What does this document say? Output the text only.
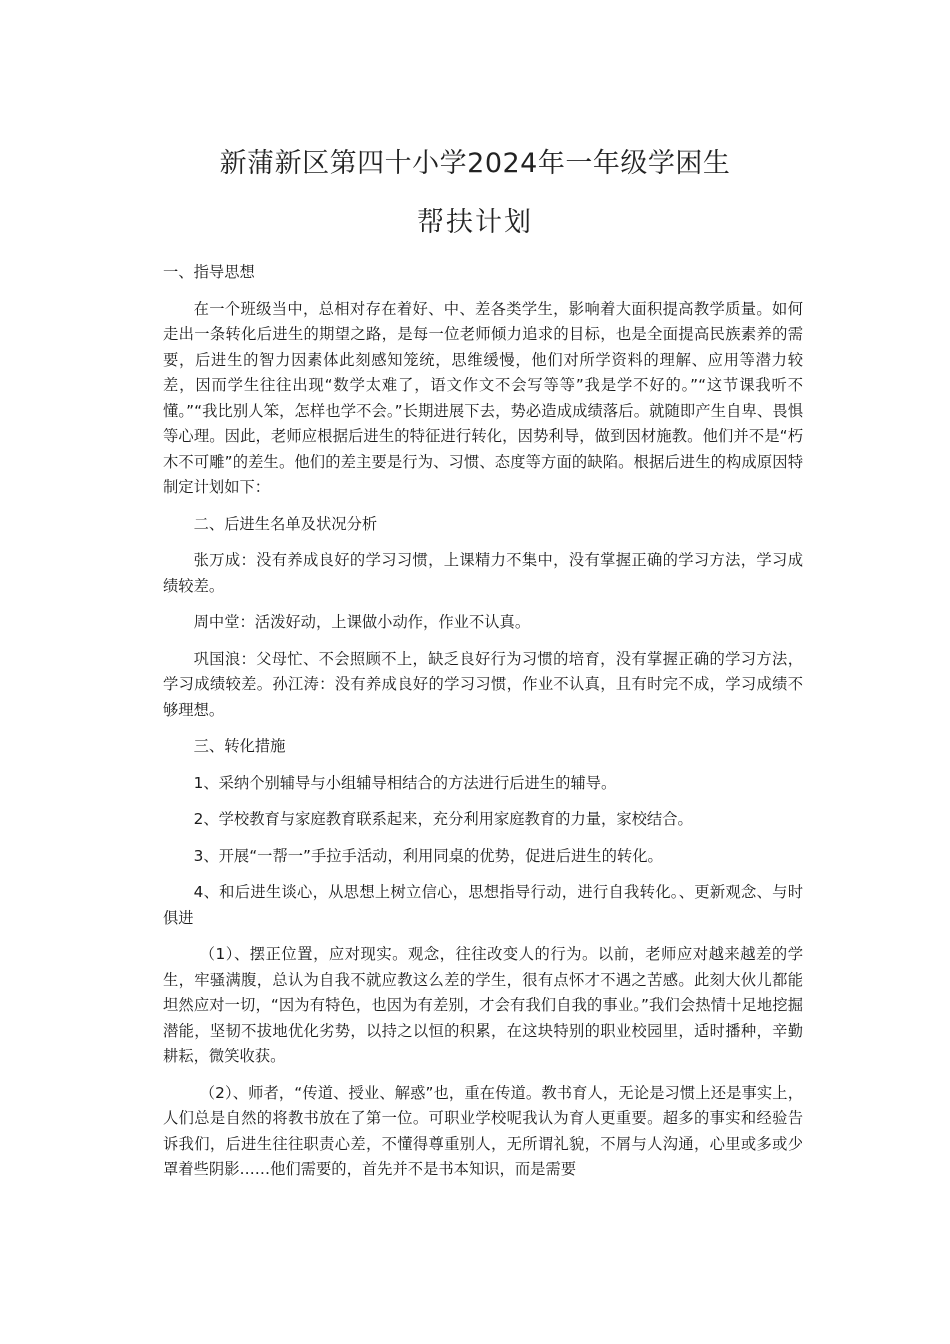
新蒲新区第四十小学2024年一年级学困生
帮扶计划

一、指导思想

在一个班级当中，总相对存在着好、中、差各类学生，影响着大面积提高教学质量。如何走出一条转化后进生的期望之路，是每一位老师倾力追求的目标，也是全面提高民族素养的需要，后进生的智力因素体此刻感知笼统，思维缓慢，他们对所学资料的理解、应用等潜力较差，因而学生往往出现“数学太难了，语文作文不会写等等”我是学不好的。”“这节课我听不懂。”“我比别人笨，怎样也学不会。”长期进展下去，势必造成成绩落后。就随即产生自卑、畏惧等心理。因此，老师应根据后进生的特征进行转化，因势利导，做到因材施教。他们并不是“朽木不可雕”的差生。他们的差主要是行为、习惯、态度等方面的缺陷。根据后进生的构成原因特制定计划如下：

二、后进生名单及状况分析

张万成：没有养成良好的学习习惯，上课精力不集中，没有掌握正确的学习方法，学习成绩较差。

周中堂：活泼好动，上课做小动作，作业不认真。

巩国浪：父母忙、不会照顾不上，缺乏良好行为习惯的培育，没有掌握正确的学习方法，学习成绩较差。孙江涛：没有养成良好的学习习惯，作业不认真，且有时完不成，学习成绩不够理想。

三、转化措施

1、采纳个别辅导与小组辅导相结合的方法进行后进生的辅导。

2、学校教育与家庭教育联系起来，充分利用家庭教育的力量，家校结合。

3、开展“一帮一”手拉手活动，利用同桌的优势，促进后进生的转化。

4、和后进生谈心，从思想上树立信心，思想指导行动，进行自我转化。、更新观念、与时俱进

（1）、摆正位置，应对现实。观念，往往改变人的行为。以前，老师应对越来越差的学生，牢骚满腹，总认为自我不就应教这么差的学生，很有点怀才不遇之苦感。此刻大伙儿都能坦然应对一切，“因为有特色，也因为有差别，才会有我们自我的事业。”我们会热情十足地挖掘潜能，坚韧不拔地优化劣势，以持之以恒的积累，在这块特别的职业校园里，适时播种，辛勤耕耘，微笑收获。

（2）、师者，“传道、授业、解惑”也，重在传道。教书育人，无论是习惯上还是事实上，人们总是自然的将教书放在了第一位。可职业学校呢我认为育人更重要。超多的事实和经验告诉我们，后进生往往职责心差，不懂得尊重别人，无所谓礼貌，不屑与人沟通，心里或多或少罩着些阴影……他们需要的，首先并不是书本知识，而是需要
